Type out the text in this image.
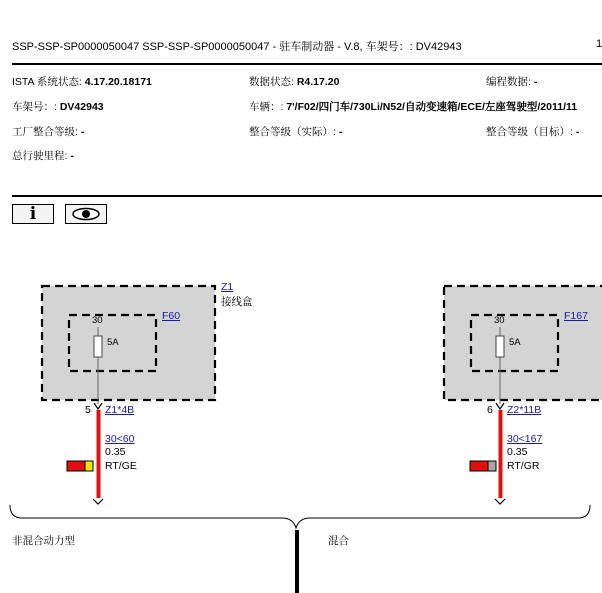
SSP-SSP-SP0000050047 SSP-SSP-SP0000050047 - 驻车制动器 - V.8, 车架号：: DV42943	1
ISTA 系统状态: 4.17.20.18171	数据状态: R4.17.20	编程数据: -
车架号：: DV42943	车辆：: 7'/F02/四门车/730Li/N52/自动变速箱/ECE/左座驾驶型/2011/11
工厂整合等级: -	整合等级（实际）: -	整合等级（目标）: -
总行驶里程: -
i
Z1
接线盒
F60
30
5A
5 Z1*4B
30<60
0.35
RT/GE
F167
30
5A
6 Z2*11B
30<167
0.35
RT/GR
非混合动力型	混合
